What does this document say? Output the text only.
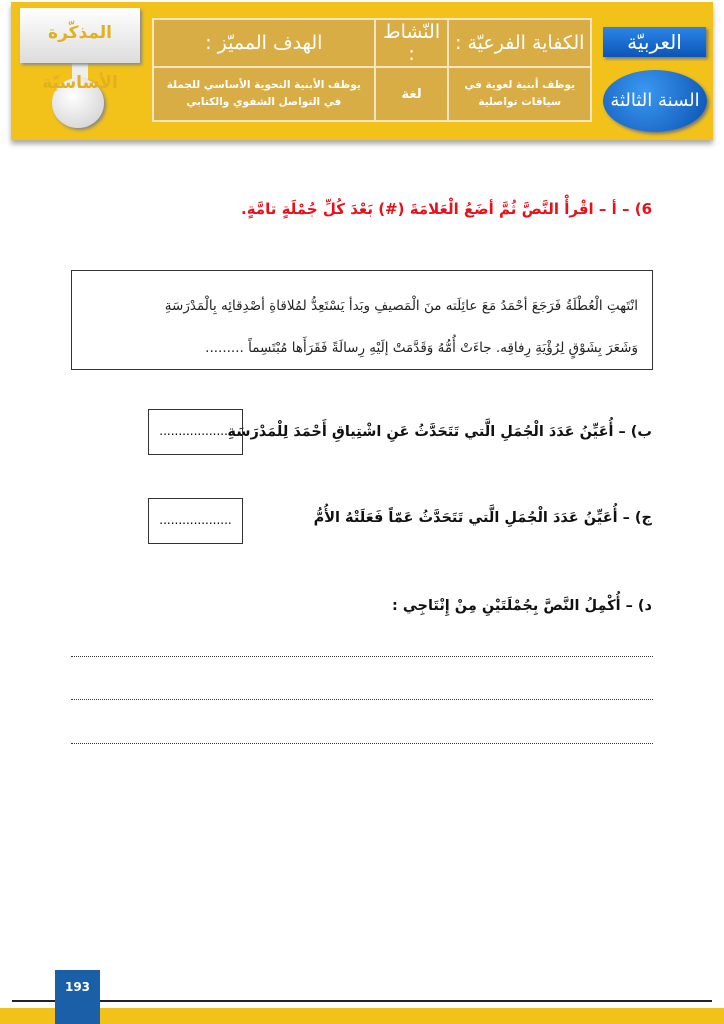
العربيّة
السنة الثالثة
الكفاية الفرعيّة :	النّشاط :	الهدف المميّز :
يوظف أبنية لغوية في سياقات تواصلية	لغة	يوظف الأبنية النحوية الأساسي للجملة في التواصل الشفوي والكتابي
المذكّرة الأساسيّة
6) – أ – اقْرأْ النَّصَّ ثُمَّ أضَعُ الْعَلامَةَ (#) بَعْدَ كُلِّ جُمْلَةٍ تامَّةٍ.
انْتَهتِ الْعُطْلَةُ فَرَجَعَ أحْمَدُ مَعَ عائِلَته منَ الْمَصيفِ وبَدأ يَسْتَعِدُّ لمُلاقاةِ أصْدِقائِه بِالْمَدْرَسَةِ
وَشَعَرَ بِشَوْقٍ لِرُؤْيَةِ رِفاقِه. جاءَتْ أُمُّهُ وَقَدَّمَتْ إلَيْهِ رِسالَةً فَقَرَأَها مُبْتَسِماً .........
ب) – أُعَيِّنُ عَدَدَ الْجُمَلِ الَّتي تَتَحَدَّثُ عَنِ اشْتِياقِ أَحْمَدَ لِلْمَدْرَسَةِ
...................
ج) – أُعَيِّنُ عَدَدَ الْجُمَلِ الَّتي تَتَحَدَّثُ عَمّاً فَعَلَتْهُ الأُمُّ
...................
د) – أُكْمِلُ النَّصَّ بِجُمْلَتَيْنِ مِنْ إِنْتَاجِي :
193
